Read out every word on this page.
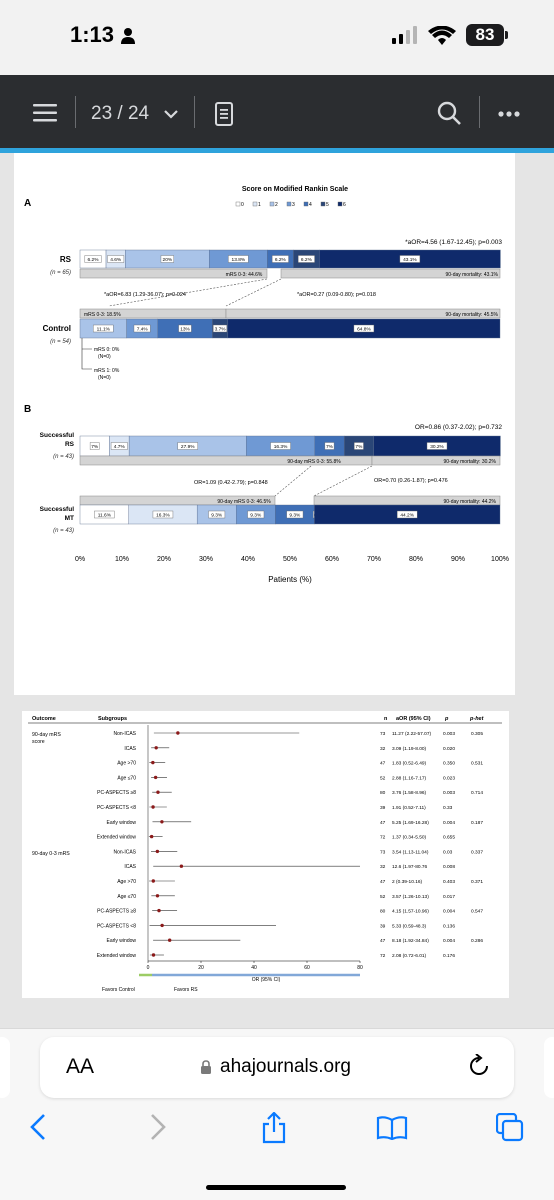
1:13	83
23 / 24
A
Score on Modified Rankin Scale
0	1	2	3	4	5	6
RS
(n = 65)
*aOR=4.56 (1.67-12.45); p=0.003
6.2% 4.6%	20%	13.8%	6.2%	6.2%	43.1%
mRS 0-3: 44.6%	90-day mortality: 43.1%
*aOR=6.83 (1.29-36.07); p=0.024	*aOR=0.27 (0.09-0.80); p=0.018
mRS 0-3: 18.5%	90-day mortality: 45.5%
Control
(n = 54)
11.1%	7.4%	13%	3.7%	64.8%
mRS 0: 0%
(N=0)
mRS 1: 0%
(N=0)
B
OR=0.86 (0.37-2.02); p=0.732
Successful
RS
(n = 43)
7%	4.7%	27.9%	16.3%	7%	7%	30.2%
90-day mRS 0-3: 55.8%	90-day mortality: 30.2%
OR=1.09 (0.42-2.79); p=0.848	OR=0.70 (0.26-1.87); p=0.476
90-day mRS 0-3: 46.5%	90-day mortality: 44.2%
Successful
MT
(n = 43)
11.6%	16.3%	9.3%	9.3%	9.3%	44.2%
0%	10%	20%	30%	40%	50%	60%	70%	80%	90%	100%
Patients (%)
Outcome	Subgroups	n aOR (95% CI)	p	p-het
90-day mRS
score
90-day 0-3 mRS
Non-ICAS	73 11.27 (2.22-57.07) 0.003	0.305
ICAS	32 3.09 (1.19-8.00)	0.020
Age >70	47 1.83 (0.52-6.49)	0.350	0.531
Age ≤70	52 2.88 (1.16-7.17)	0.023
PC-ASPECTS ≥8	80 3.76 (1.58-8.96)	0.003	0.714
PC-ASPECTS <8	39 1.91 (0.52-7.11)	0.33
Early window	47 5.25 (1.69-16.28)	0.004	0.187
Extended window	72 1.37 (0.34-5.50)	0.655
Non-ICAS	73 3.54 (1.13-11.04)	0.03	0.337
ICAS	32 12.6 (1.97-80.76	0.008
Age >70	47 2 (0.39-10.16)	0.403	0.371
Age ≤70	52 3.57 (1.26-10.13)	0.017
PC-ASPECTS ≥8	80 4.15 (1.57-10.96)	0.004	0.547
PC-ASPECTS <8	39 5.33 (0.59-48.3)	0.136
Early window	47 8.18 (1.92-34.84)	0.004	0.286
Extended window	72 2.08 (0.72-6.01)	0.176
0	20	40	60	80
OR (95% CI)
Favors Control	Favors RS
AA	ahajournals.org
